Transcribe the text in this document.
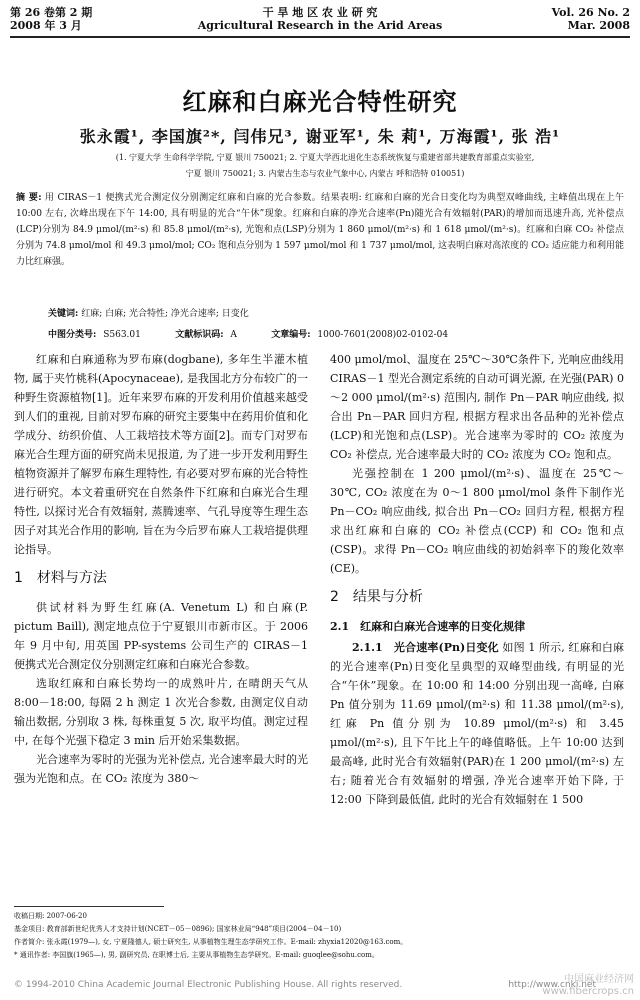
第 26 卷第 2 期
2008 年 3 月
干 旱 地 区 农 业 研 究
Agricultural Research in the Arid Areas
Vol. 26 No. 2
Mar. 2008
红麻和白麻光合特性研究
张永霞¹, 李国旗²*, 闫伟兄³, 谢亚军¹, 朱 莉¹, 万海霞¹, 张 浩¹
(1. 宁夏大学 生命科学学院, 宁夏 银川 750021; 2. 宁夏大学西北退化生态系统恢复与重建省部共建教育部重点实验室,
宁夏 银川 750021; 3. 内蒙古生态与农业气象中心, 内蒙古 呼和浩特 010051)
摘 要: 用 CIRAS－1 便携式光合测定仪分别测定红麻和白麻的光合参数。结果表明: 红麻和白麻的光合日变化均为典型双峰曲线, 主峰值出现在上午 10:00 左右, 次峰出现在下午 14:00, 具有明显的光合“午休”现象。红麻和白麻的净光合速率(Pn)随光合有效辐射(PAR)的增加而迅速升高, 光补偿点(LCP)分别为 84.9 μmol/(m²·s) 和 85.8 μmol/(m²·s), 光饱和点(LSP)分别为 1 860 μmol/(m²·s) 和 1 618 μmol/(m²·s)。红麻和白麻 CO₂ 补偿点分别为 74.8 μmol/mol 和 49.3 μmol/mol; CO₂ 饱和点分别为 1 597 μmol/mol 和 1 737 μmol/mol, 这表明白麻对高浓度的 CO₂ 适应能力和利用能力比红麻强。
关键词: 红麻; 白麻; 光合特性; 净光合速率; 日变化
中图分类号: S563.01	文献标识码: A	文章编号: 1000-7601(2008)02-0102-04

红麻和白麻通称为罗布麻(dogbane), 多年生半灌木植物, 属于夹竹桃科(Apocynaceae), 是我国北方分布较广的一种野生资源植物[1]。近年来罗布麻的开发利用价值越来越受到人们的重视, 目前对罗布麻的研究主要集中在药用价值和化学成分、纺织价值、人工栽培技术等方面[2]。而专门对罗布麻光合生理方面的研究尚未见报道, 为了进一步开发利用野生植物资源并了解罗布麻生理特性, 有必要对罗布麻的光合特性进行研究。本文着重研究在自然条件下红麻和白麻光合生理特性, 以探讨光合有效辐射, 蒸腾速率、气孔导度等生理生态因子对其光合作用的影响, 旨在为今后罗布麻人工栽培提供理论指导。

1　材料与方法

供试材料为野生红麻(A. Venetum L) 和白麻(P. pictum Baill), 测定地点位于宁夏银川市新市区。于 2006 年 9 月中旬, 用英国 PP-systems 公司生产的 CIRAS－1 便携式光合测定仪分别测定红麻和白麻光合参数。

选取红麻和白麻长势均一的成熟叶片, 在晴朗天气从 8:00－18:00, 每隔 2 h 测定 1 次光合参数, 由测定仪自动输出数据, 分别取 3 株, 每株重复 5 次, 取平均值。测定过程中, 在每个光强下稳定 3 min 后开始采集数据。

光合速率为零时的光强为光补偿点, 光合速率最大时的光强为光饱和点。在 CO₂ 浓度为 380～

400 μmol/mol、温度在 25℃～30℃条件下, 光响应曲线用 CIRAS－1 型光合测定系统的自动可调光源, 在光强(PAR) 0～2 000 μmol/(m²·s) 范围内, 制作 Pn－PAR 响应曲线, 拟合出 Pn－PAR 回归方程, 根据方程求出各品种的光补偿点(LCP)和光饱和点(LSP)。光合速率为零时的 CO₂ 浓度为 CO₂ 补偿点, 光合速率最大时的 CO₂ 浓度为 CO₂ 饱和点。

光强控制在 1 200 μmol/(m²·s)、温度在 25℃～30℃, CO₂ 浓度在为 0～1 800 μmol/mol 条件下制作光 Pn－CO₂ 响应曲线, 拟合出 Pn－CO₂ 回归方程, 根据方程求出红麻和白麻的 CO₂ 补偿点(CCP) 和 CO₂ 饱和点(CSP)。求得 Pn－CO₂ 响应曲线的初始斜率下的羧化效率(CE)。

2　结果与分析
2.1　红麻和白麻光合速率的日变化规律

2.1.1　光合速率(Pn)日变化 如图 1 所示, 红麻和白麻的光合速率(Pn)日变化呈典型的双峰型曲线, 有明显的光合“午休”现象。在 10:00 和 14:00 分别出现一高峰, 白麻 Pn 值分别为 11.69 μmol/(m²·s) 和 11.38 μmol/(m²·s), 红麻 Pn 值分别为 10.89 μmol/(m²·s) 和 3.45 μmol/(m²·s), 且下午比上午的峰值略低。上午 10:00 达到最高峰, 此时光合有效辐射(PAR)在 1 200 μmol/(m²·s) 左右; 随着光合有效辐射的增强, 净光合速率开始下降, 于 12:00 下降到最低值, 此时的光合有效辐射在 1 500

收稿日期: 2007-06-20
基金项目: 教育部新世纪优秀人才支持计划(NCET－05－0896); 国家林业局“948”项目(2004－04－10)
作者简介: 张永霞(1979—), 女, 宁夏隆德人, 硕士研究生, 从事植物生理生态学研究工作。E-mail: zhyxia12020@163.com。
* 通讯作者: 李国旗(1965—), 男, 副研究员, 在职博士后, 主要从事植物生态学研究。E-mail: guoqlee@sohu.com。
© 1994-2010 China Academic Journal Electronic Publishing House. All rights reserved.	http://www.cnki.net
中国麻业经济网
www.fibercrops.cn
